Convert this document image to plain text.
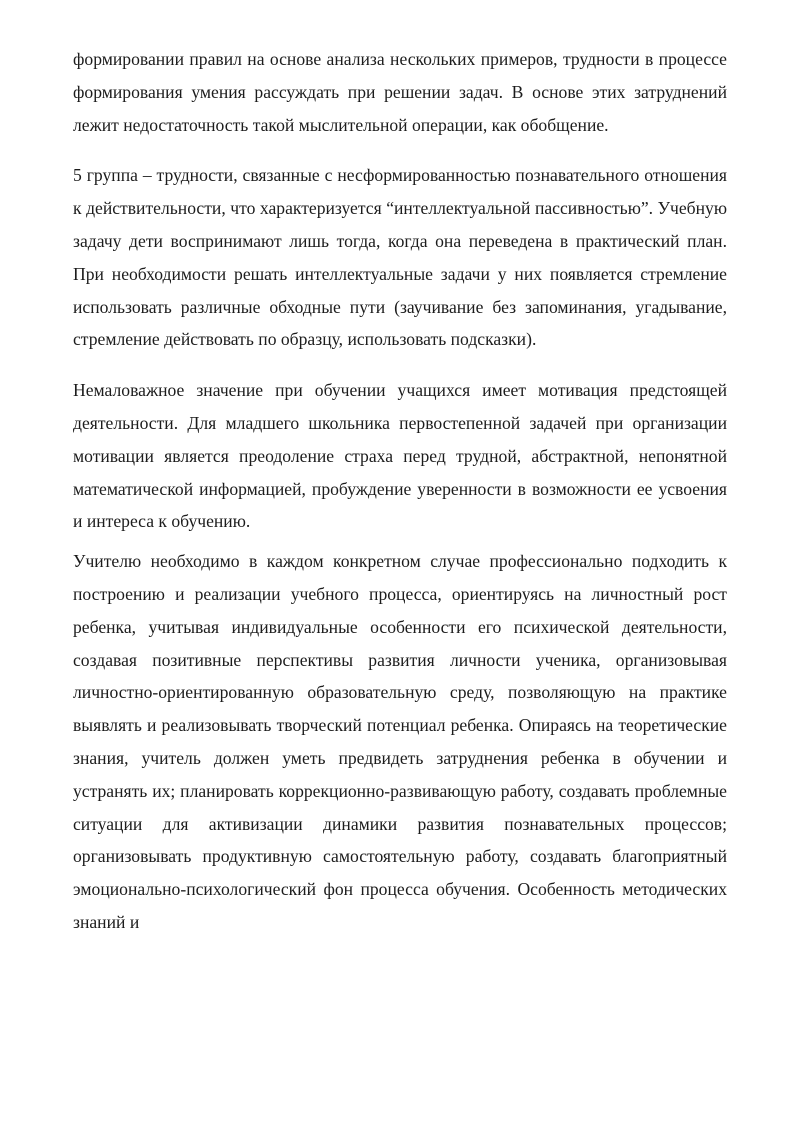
формировании правил на основе анализа нескольких примеров, трудности в процессе формирования умения рассуждать при решении задач. В основе этих затруднений лежит недостаточность такой мыслительной операции, как обобщение.

5 группа – трудности, связанные с несформированностью познавательного отношения к действительности, что характеризуется “интеллектуальной пассивностью”. Учебную задачу дети воспринимают лишь тогда, когда она переведена в практический план. При необходимости решать интеллектуальные задачи у них появляется стремление использовать различные обходные пути (заучивание без запоминания, угадывание, стремление действовать по образцу, использовать подсказки).

Немаловажное значение при обучении учащихся имеет мотивация предстоящей деятельности. Для младшего школьника первостепенной задачей при организации мотивации является преодоление страха перед трудной, абстрактной, непонятной математической информацией, пробуждение уверенности в возможности ее усвоения и интереса к обучению.

Учителю необходимо в каждом конкретном случае профессионально подходить к построению и реализации учебного процесса, ориентируясь на личностный рост ребенка, учитывая индивидуальные особенности его психической деятельности, создавая позитивные перспективы развития личности ученика, организовывая личностно-ориентированную образовательную среду, позволяющую на практике выявлять и реализовывать творческий потенциал ребенка. Опираясь на теоретические знания, учитель должен уметь предвидеть затруднения ребенка в обучении и устранять их; планировать коррекционно-развивающую работу, создавать проблемные ситуации для активизации динамики развития познавательных процессов; организовывать продуктивную самостоятельную работу, создавать благоприятный эмоционально-психологический фон процесса обучения. Особенность методических знаний и
